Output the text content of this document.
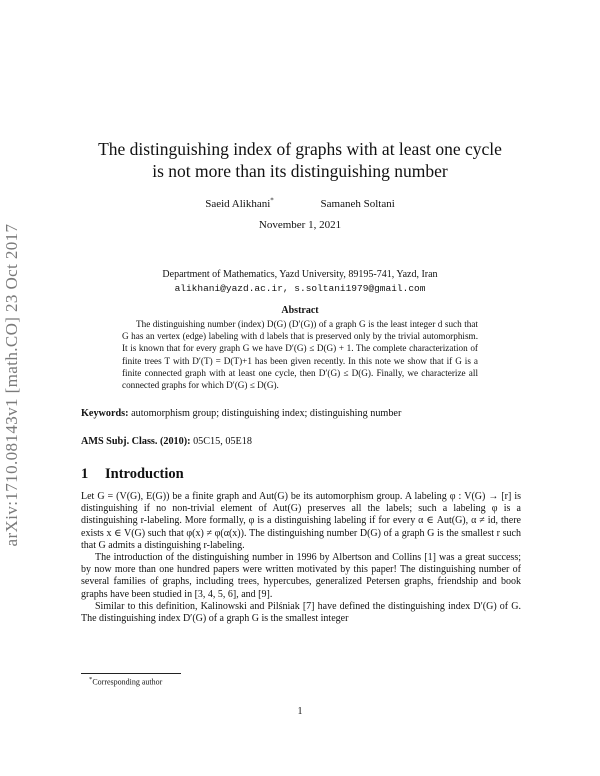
arXiv:1710.08143v1 [math.CO] 23 Oct 2017
The distinguishing index of graphs with at least one cycle
is not more than its distinguishing number
Saeid Alikhani*	Samaneh Soltani
November 1, 2021
Department of Mathematics, Yazd University, 89195-741, Yazd, Iran
alikhani@yazd.ac.ir, s.soltani1979@gmail.com
Abstract
The distinguishing number (index) D(G) (D′(G)) of a graph G is the least integer d such that G has an vertex (edge) labeling with d labels that is preserved only by the trivial automorphism. It is known that for every graph G we have D′(G) ≤ D(G) + 1. The complete characterization of finite trees T with D′(T) = D(T)+1 has been given recently. In this note we show that if G is a finite connected graph with at least one cycle, then D′(G) ≤ D(G). Finally, we characterize all connected graphs for which D′(G) ≤ D(G).
Keywords: automorphism group; distinguishing index; distinguishing number
AMS Subj. Class. (2010): 05C15, 05E18
1 Introduction

Let G = (V(G), E(G)) be a finite graph and Aut(G) be its automorphism group. A labeling φ : V(G) → [r] is distinguishing if no non-trivial element of Aut(G) preserves all the labels; such a labeling φ is a distinguishing r-labeling. More formally, φ is a distinguishing labeling if for every α ∈ Aut(G), α ≠ id, there exists x ∈ V(G) such that φ(x) ≠ φ(α(x)). The distinguishing number D(G) of a graph G is the smallest r such that G admits a distinguishing r-labeling.

The introduction of the distinguishing number in 1996 by Albertson and Collins [1] was a great success; by now more than one hundred papers were written motivated by this paper! The distinguishing number of several families of graphs, including trees, hypercubes, generalized Petersen graphs, friendship and book graphs have been studied in [3, 4, 5, 6], and [9].

Similar to this definition, Kalinowski and Pilśniak [7] have defined the distinguishing index D′(G) of G. The distinguishing index D′(G) of a graph G is the smallest integer

*Corresponding author
1
